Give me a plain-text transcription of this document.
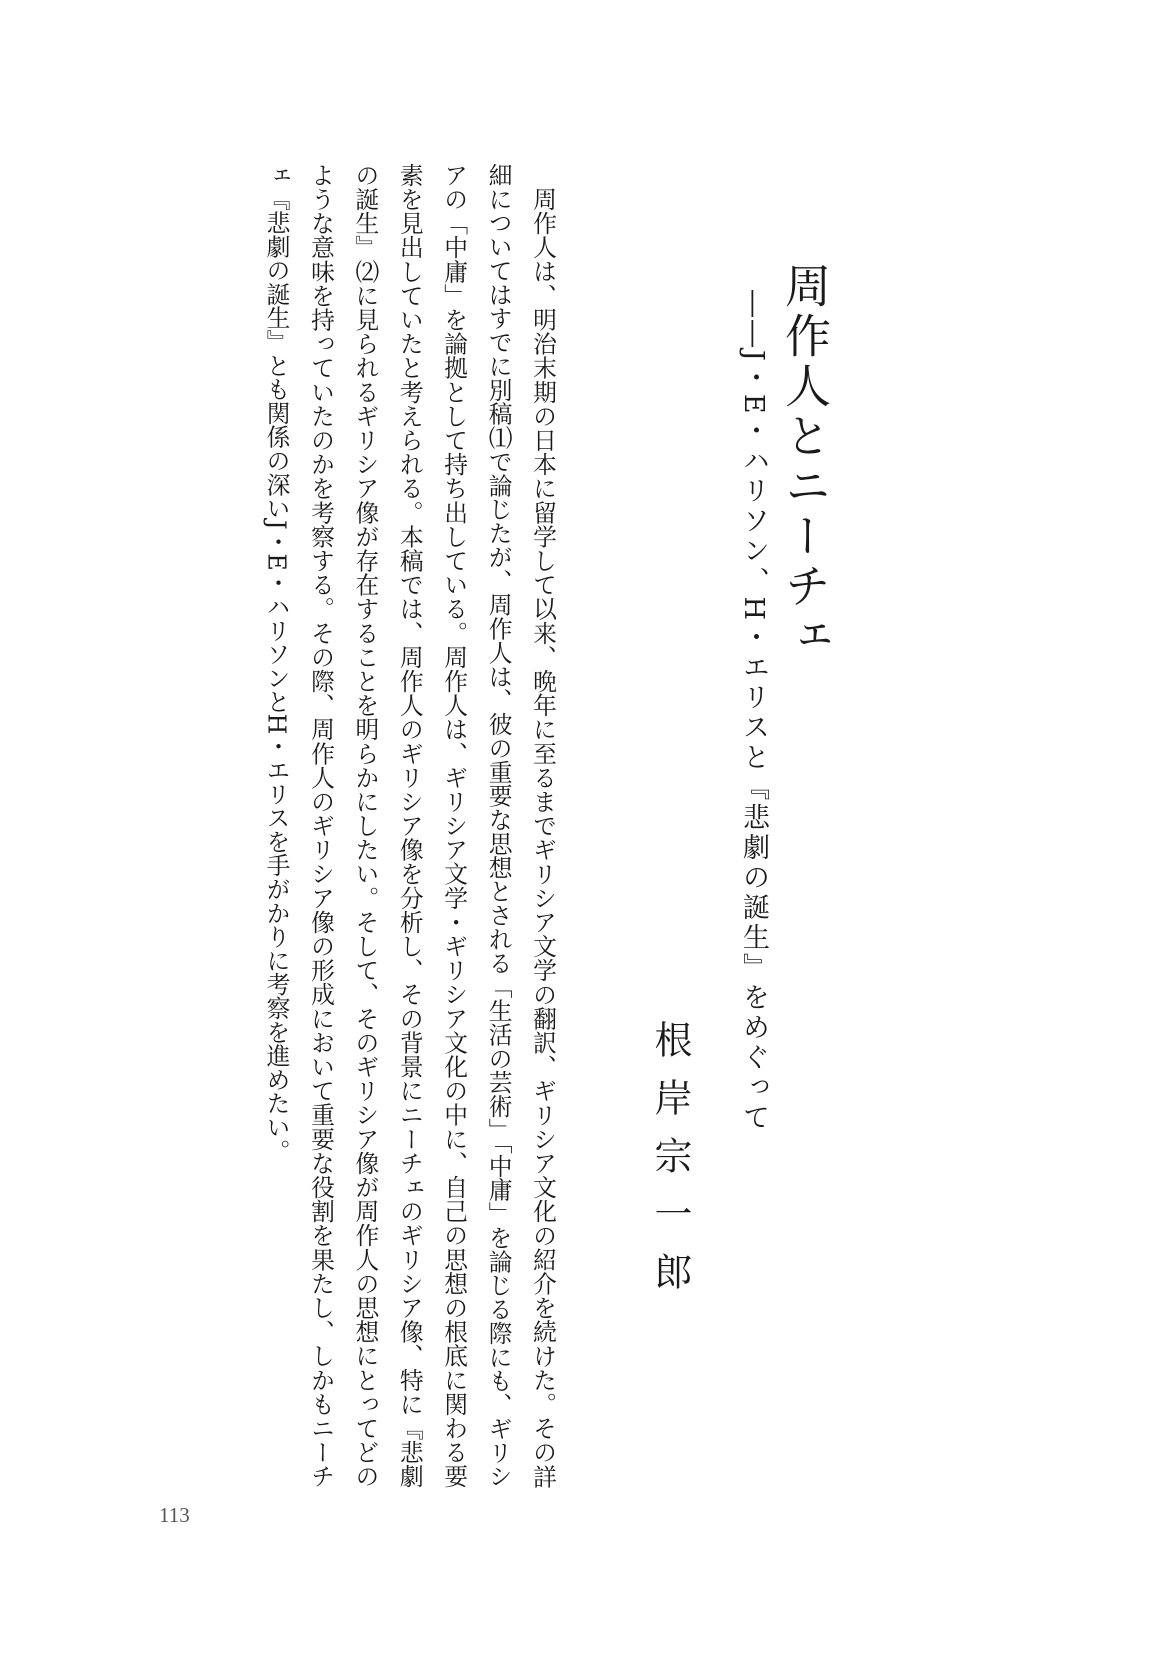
周作人とニーチェ
――J・E・ハリソン、H・エリスと『悲劇の誕生』をめぐって
根岸宗一郎

周作人は、明治末期の日本に留学して以来、晩年に至るまでギリシア文学の翻訳、ギリシア文化の紹介を続けた。その詳細についてはすでに別稿⑴で論じたが、周作人は、彼の重要な思想とされる「生活の芸術」「中庸」を論じる際にも、ギリシアの「中庸」を論拠として持ち出している。周作人は、ギリシア文学・ギリシア文化の中に、自己の思想の根底に関わる要素を見出していたと考えられる。本稿では、周作人のギリシア像を分析し、その背景にニーチェのギリシア像、特に『悲劇の誕生』⑵に見られるギリシア像が存在することを明らかにしたい。そして、そのギリシア像が周作人の思想にとってどのような意味を持っていたのかを考察する。その際、周作人のギリシア像の形成において重要な役割を果たし、しかもニーチェ『悲劇の誕生』とも関係の深いJ・E・ハリソンとH・エリスを手がかりに考察を進めたい。

113
